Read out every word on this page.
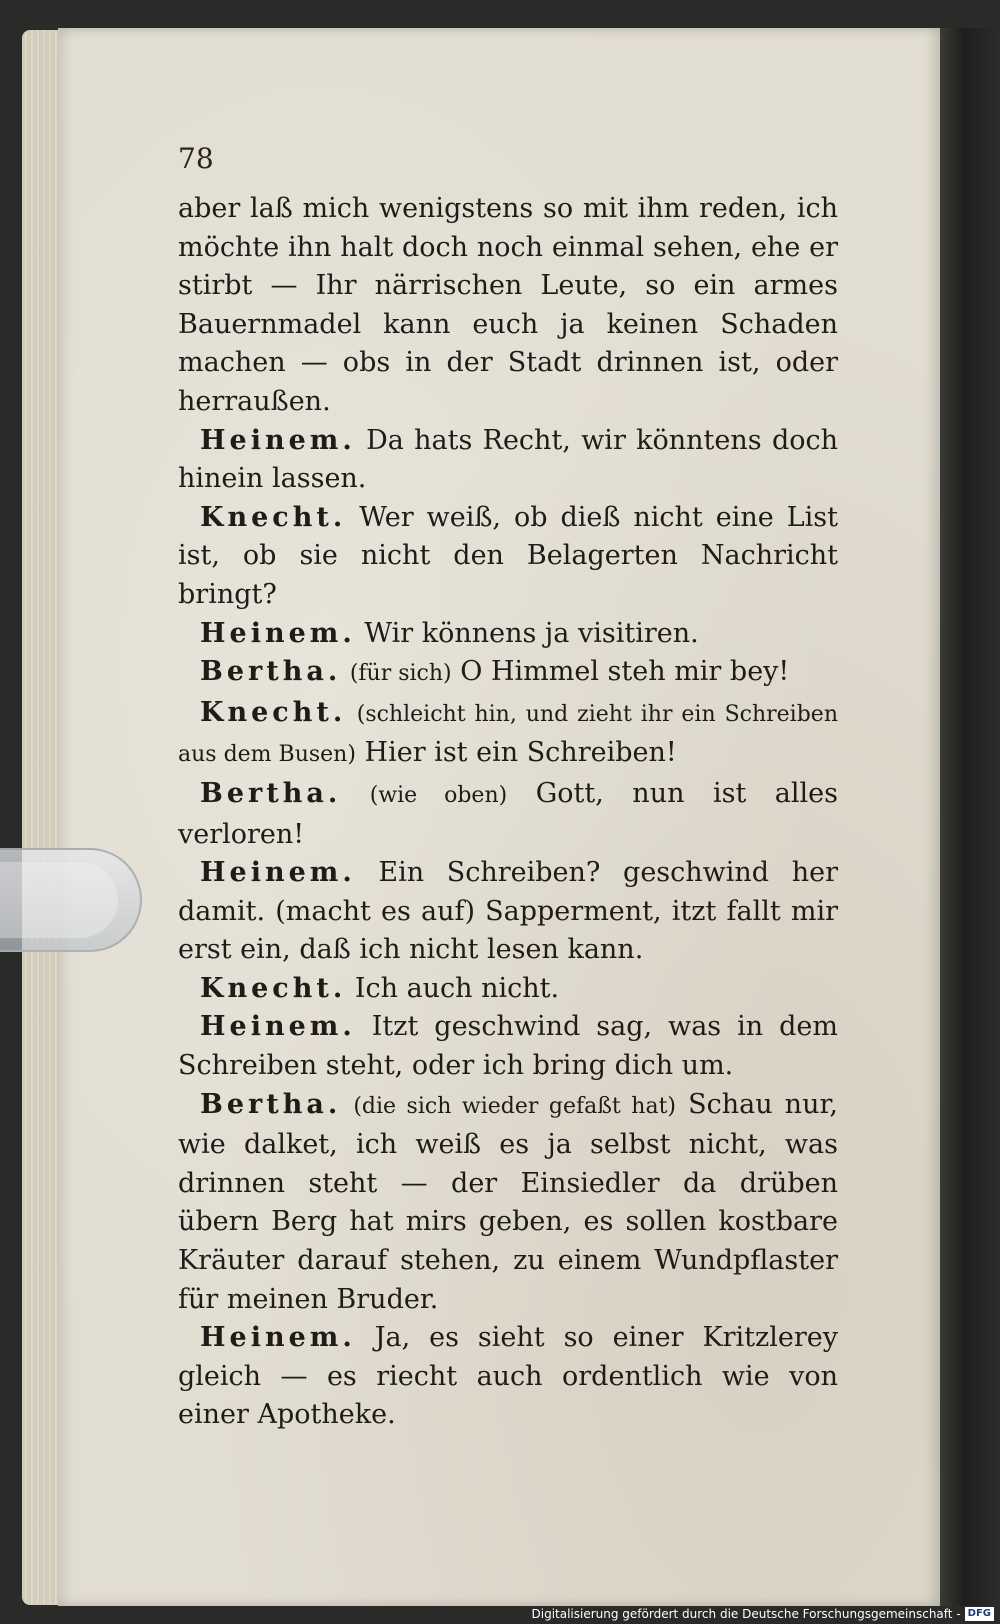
78

aber laß mich wenigstens so mit ihm reden, ich möchte ihn halt doch noch einmal sehen, ehe er stirbt — Ihr närrischen Leute, so ein armes Bauernmadel kann euch ja keinen Schaden machen — obs in der Stadt drinnen ist, oder herraußen.

Heinem. Da hats Recht, wir könntens doch hinein lassen.

Knecht. Wer weiß, ob dieß nicht eine List ist, ob sie nicht den Belagerten Nachricht bringt?

Heinem. Wir könnens ja visitiren.

Bertha. (für sich) O Himmel steh mir bey!

Knecht. (schleicht hin, und zieht ihr ein Schreiben aus dem Busen) Hier ist ein Schreiben!

Bertha. (wie oben) Gott, nun ist alles verloren!

Heinem. Ein Schreiben? geschwind her damit. (macht es auf) Sapperment, itzt fallt mir erst ein, daß ich nicht lesen kann.

Knecht. Ich auch nicht.

Heinem. Itzt geschwind sag, was in dem Schreiben steht, oder ich bring dich um.

Bertha. (die sich wieder gefaßt hat) Schau nur, wie dalket, ich weiß es ja selbst nicht, was drinnen steht — der Einsiedler da drüben übern Berg hat mirs geben, es sollen kostbare Kräuter darauf stehen, zu einem Wundpflaster für meinen Bruder.

Heinem. Ja, es sieht so einer Kritzlerey gleich — es riecht auch ordentlich wie von einer Apotheke.

Digitalisierung gefördert durch die Deutsche Forschungsgemeinschaft - DFG
